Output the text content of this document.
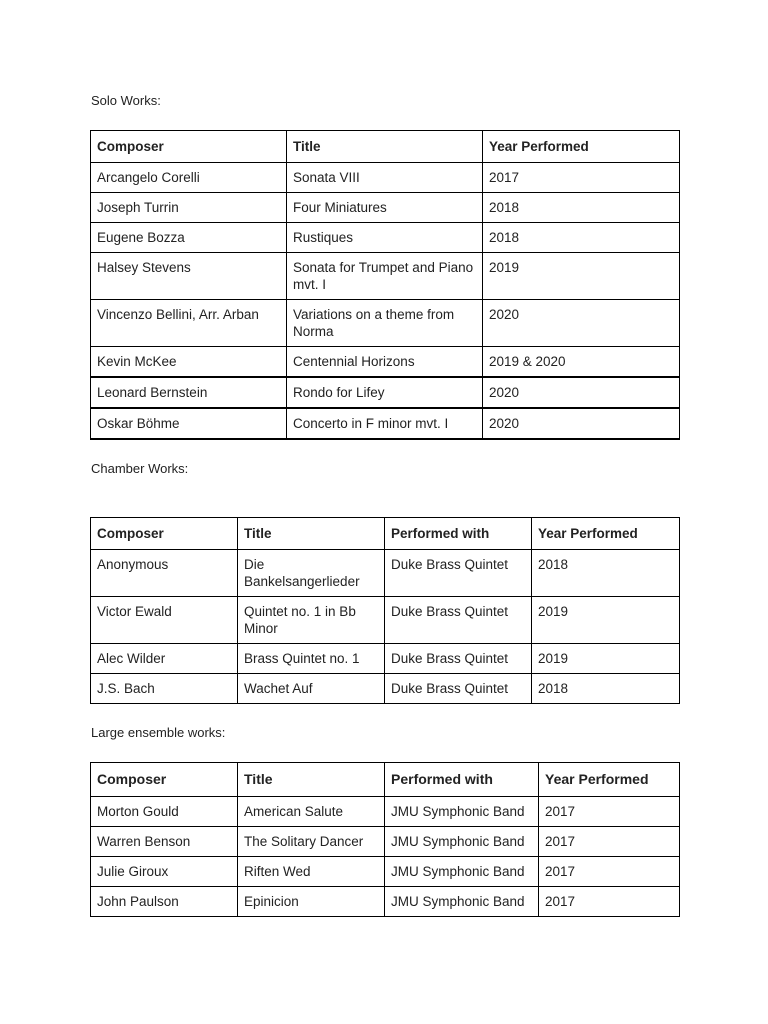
Solo Works:

Composer	Title	Year Performed
Arcangelo Corelli	Sonata VIII	2017
Joseph Turrin	Four Miniatures	2018
Eugene Bozza	Rustiques	2018
Halsey Stevens	Sonata for Trumpet and Piano mvt. I	2019
Vincenzo Bellini, Arr. Arban	Variations on a theme from Norma	2020
Kevin McKee	Centennial Horizons	2019 & 2020
Leonard Bernstein	Rondo for Lifey	2020
Oskar Böhme	Concerto in F minor mvt. I	2020

Chamber Works:

Composer	Title	Performed with	Year Performed
Anonymous	Die Bankelsangerlieder	Duke Brass Quintet	2018
Victor Ewald	Quintet no. 1 in Bb Minor	Duke Brass Quintet	2019
Alec Wilder	Brass Quintet no. 1	Duke Brass Quintet	2019
J.S. Bach	Wachet Auf	Duke Brass Quintet	2018

Large ensemble works:

Composer	Title	Performed with	Year Performed
Morton Gould	American Salute	JMU Symphonic Band	2017
Warren Benson	The Solitary Dancer	JMU Symphonic Band	2017
Julie Giroux	Riften Wed	JMU Symphonic Band	2017
John Paulson	Epinicion	JMU Symphonic Band	2017
